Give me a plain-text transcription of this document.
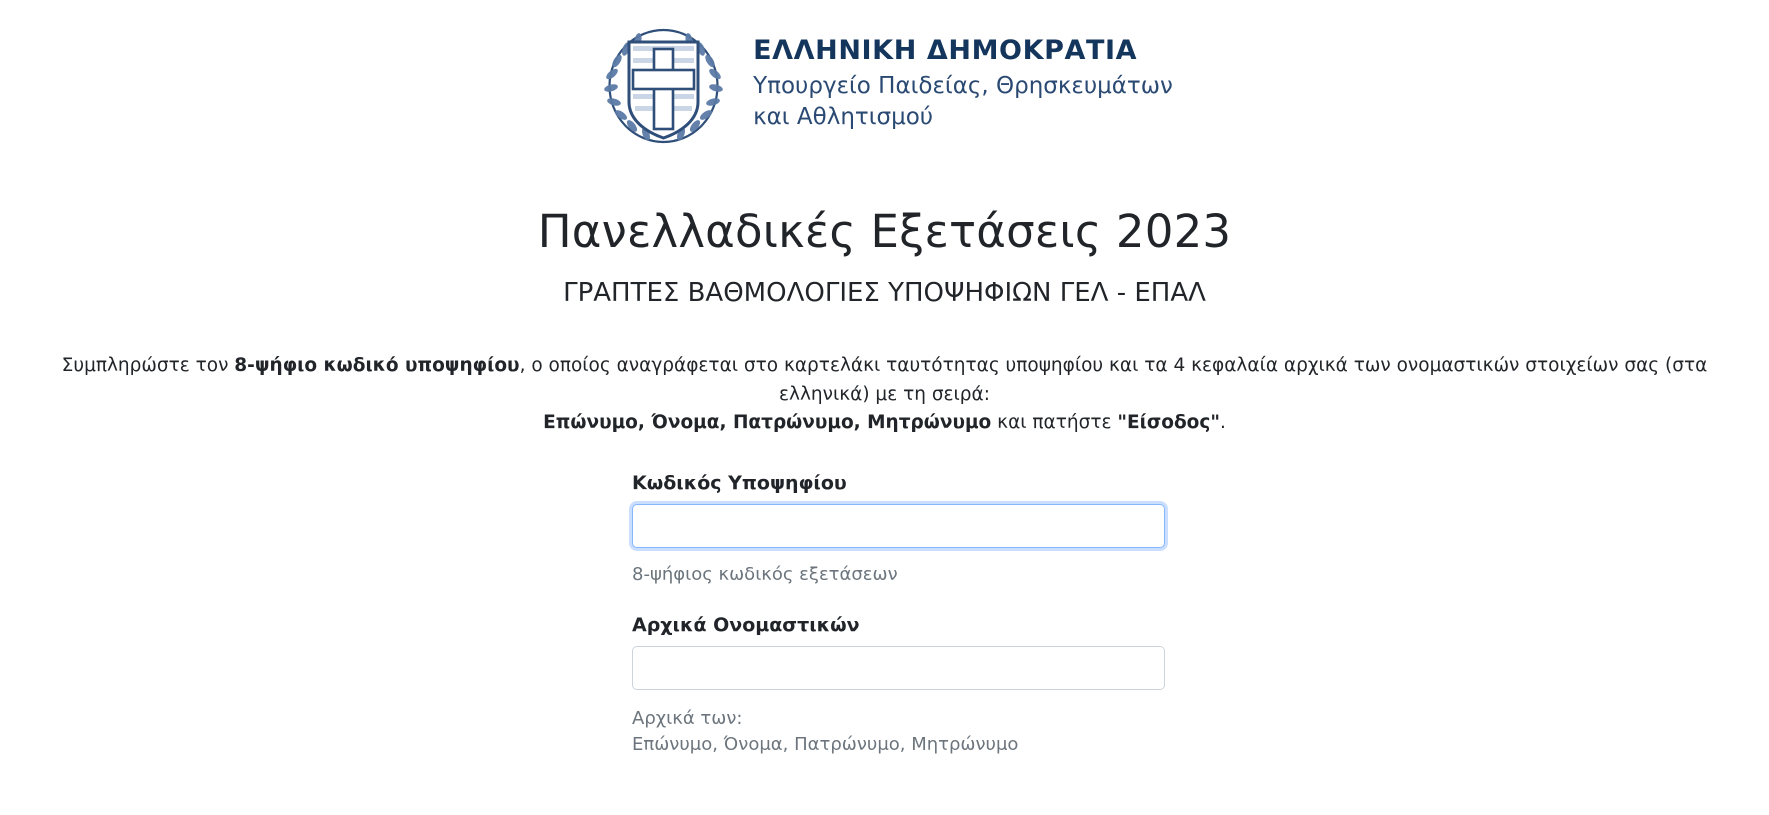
ΕΛΛΗΝΙΚΗ ΔΗΜΟΚΡΑΤΙΑ
Υπουργείο Παιδείας, Θρησκευμάτων
και Αθλητισμού
Πανελλαδικές Εξετάσεις 2023
ΓΡΑΠΤΕΣ ΒΑΘΜΟΛΟΓΙΕΣ ΥΠΟΨΗΦΙΩΝ ΓΕΛ - ΕΠΑΛ
Συμπληρώστε τον 8-ψήφιο κωδικό υποψηφίου, ο οποίος αναγράφεται στο καρτελάκι ταυτότητας υποψηφίου και τα 4 κεφαλαία αρχικά των ονομαστικών στοιχείων σας (στα ελληνικά) με τη σειρά:
Επώνυμο, Όνομα, Πατρώνυμο, Μητρώνυμο και πατήστε "Είσοδος".
Κωδικός Υποψηφίου
8-ψήφιος κωδικός εξετάσεων
Αρχικά Ονομαστικών
Αρχικά των:
Επώνυμο, Όνομα, Πατρώνυμο, Μητρώνυμο
